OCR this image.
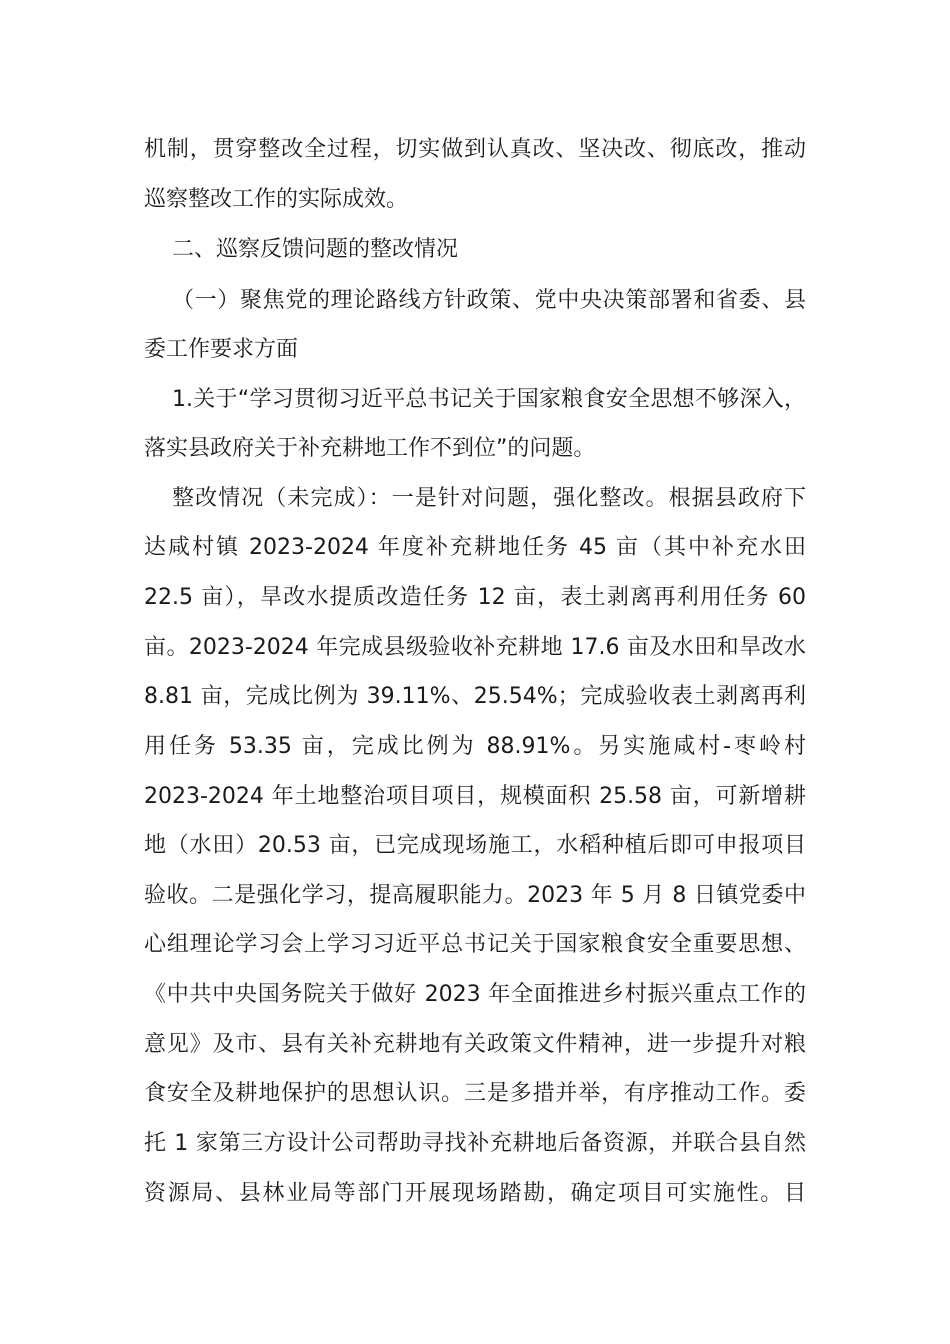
机制，贯穿整改全过程，切实做到认真改、坚决改、彻底改，推动
巡察整改工作的实际成效。
二、巡察反馈问题的整改情况
（一）聚焦党的理论路线方针政策、党中央决策部署和省委、县
委工作要求方面
1.关于“学习贯彻习近平总书记关于国家粮食安全思想不够深入，
落实县政府关于补充耕地工作不到位”的问题。
整改情况（未完成）：一是针对问题，强化整改。根据县政府下
达咸村镇 2023-2024 年度补充耕地任务 45 亩（其中补充水田
22.5 亩），旱改水提质改造任务 12 亩，表土剥离再利用任务 60
亩。2023-2024 年完成县级验收补充耕地 17.6 亩及水田和旱改水
8.81 亩，完成比例为 39.11%、25.54%；完成验收表土剥离再利
用任务 53.35 亩，完成比例为 88.91%。另实施咸村-枣岭村
2023-2024 年土地整治项目项目，规模面积 25.58 亩，可新增耕
地（水田）20.53 亩，已完成现场施工，水稻种植后即可申报项目
验收。二是强化学习，提高履职能力。2023 年 5 月 8 日镇党委中
心组理论学习会上学习习近平总书记关于国家粮食安全重要思想、
《中共中央国务院关于做好 2023 年全面推进乡村振兴重点工作的
意见》及市、县有关补充耕地有关政策文件精神，进一步提升对粮
食安全及耕地保护的思想认识。三是多措并举，有序推动工作。委
托 1 家第三方设计公司帮助寻找补充耕地后备资源，并联合县自然
资源局、县林业局等部门开展现场踏勘，确定项目可实施性。目
